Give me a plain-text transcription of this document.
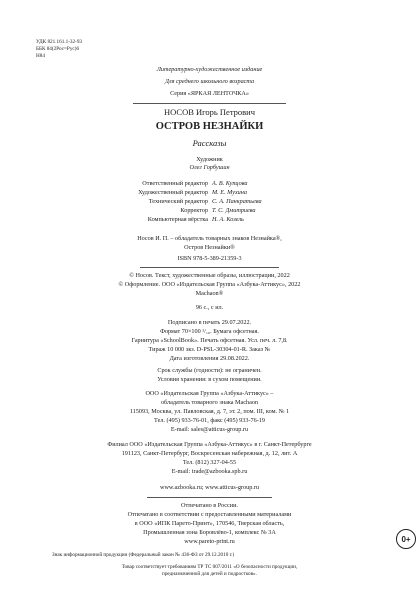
УДК 821.161.1-32-93
ББК 84(2Рос=Рус)6
Н84
Литературно-художественное издание
Для среднего школьного возраста
Серия «ЯРКАЯ ЛЕНТОЧКА»
НОСОВ Игорь Петрович
ОСТРОВ НЕЗНАЙКИ
Рассказы
Художник
Олег Горбушин
Ответственный редактор А. В. Купцова
Художественный редактор М. Е. Мухина
Технический редактор С. А. Панкратьева
Корректор Т. С. Дмитриева
Компьютерная вёрстка Н. А. Козель
Носов И. П. – обладатель товарных знаков Незнайка®,
Остров Незнайки®
ISBN 978-5-389-21359-3
© Носов. Текст, художественные образы, иллюстрации, 2022
© Оформление. ООО «Издательская Группа «Азбука-Аттикус», 2022
Machaon®
96 с., с ил.
Подписано в печать 29.07.2022.
Формат 70×100 ¹/₁₆. Бумага офсетная.
Гарнитура «SchoolBook». Печать офсетная. Усл. печ. л. 7,8.
Тираж 10 000 экз. D-PSL-30304-01-R. Заказ №
Дата изготовления 29.08.2022.
Срок службы (годности): не ограничен.
Условия хранения: в сухом помещении.
ООО «Издательская Группа «Азбука-Аттикус» –
обладатель товарного знака Machaon
115093, Москва, ул. Павловская, д. 7, эт. 2, пом. III, ком. № 1
Тел. (495) 933-76-01, факс (495) 933-76-19
E-mail: sales@atticus-group.ru
Филиал ООО «Издательская Группа «Азбука-Аттикус» в г. Санкт-Петербурге
191123, Санкт-Петербург, Воскресенская набережная, д. 12, лит. А
Тел. (812) 327-04-55
E-mail: trade@azbooka.spb.ru
www.azbooka.ru; www.atticus-group.ru
Отпечатано в России.
Отпечатано в соответствии с предоставленными материалами
в ООО «ИПК Парето-Принт», 170546, Тверская область,
Промышленная зона Боровлёво-1, комплекс № 3А
www.pareto-print.ru
Знак информационной продукции (Федеральный закон № 436-ФЗ от 29.12.2010 г.)
0+
Товар соответствует требованиям ТР ТС 007/2011 «О безопасности продукции,
предназначенной для детей и подростков».
